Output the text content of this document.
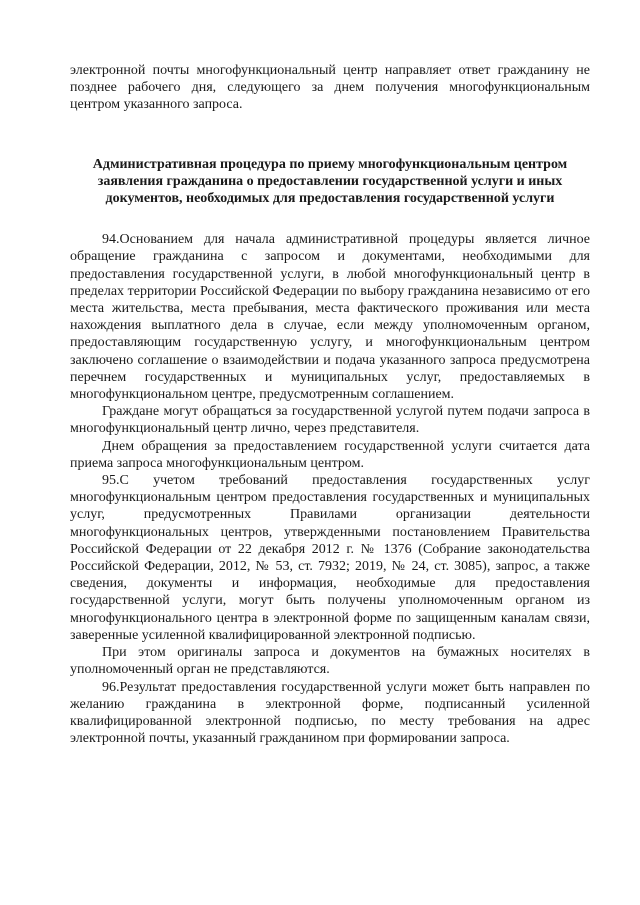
электронной почты многофункциональный центр направляет ответ гражданину не позднее рабочего дня, следующего за днем получения многофункциональным центром указанного запроса.

Административная процедура по приему многофункциональным центром заявления гражданина о предоставлении государственной услуги и иных документов, необходимых для предоставления государственной услуги

94.Основанием для начала административной процедуры является личное обращение гражданина с запросом и документами, необходимыми для предоставления государственной услуги, в любой многофункциональный центр в пределах территории Российской Федерации по выбору гражданина независимо от его места жительства, места пребывания, места фактического проживания или места нахождения выплатного дела в случае, если между уполномоченным органом, предоставляющим государственную услугу, и многофункциональным центром заключено соглашение о взаимодействии и подача указанного запроса предусмотрена перечнем государственных и муниципальных услуг, предоставляемых в многофункциональном центре, предусмотренным соглашением.

Граждане могут обращаться за государственной услугой путем подачи запроса в многофункциональный центр лично, через представителя.

Днем обращения за предоставлением государственной услуги считается дата приема запроса многофункциональным центром.

95.С учетом требований предоставления государственных услуг многофункциональным центром предоставления государственных и муниципальных услуг, предусмотренных Правилами организации деятельности многофункциональных центров, утвержденными постановлением Правительства Российской Федерации от 22 декабря 2012 г. № 1376 (Собрание законодательства Российской Федерации, 2012, № 53, ст. 7932; 2019, № 24, ст. 3085), запрос, а также сведения, документы и информация, необходимые для предоставления государственной услуги, могут быть получены уполномоченным органом из многофункционального центра в электронной форме по защищенным каналам связи, заверенные усиленной квалифицированной электронной подписью.

При этом оригиналы запроса и документов на бумажных носителях в уполномоченный орган не представляются.

96.Результат предоставления государственной услуги может быть направлен по желанию гражданина в электронной форме, подписанный усиленной квалифицированной электронной подписью, по месту требования на адрес электронной почты, указанный гражданином при формировании запроса.
